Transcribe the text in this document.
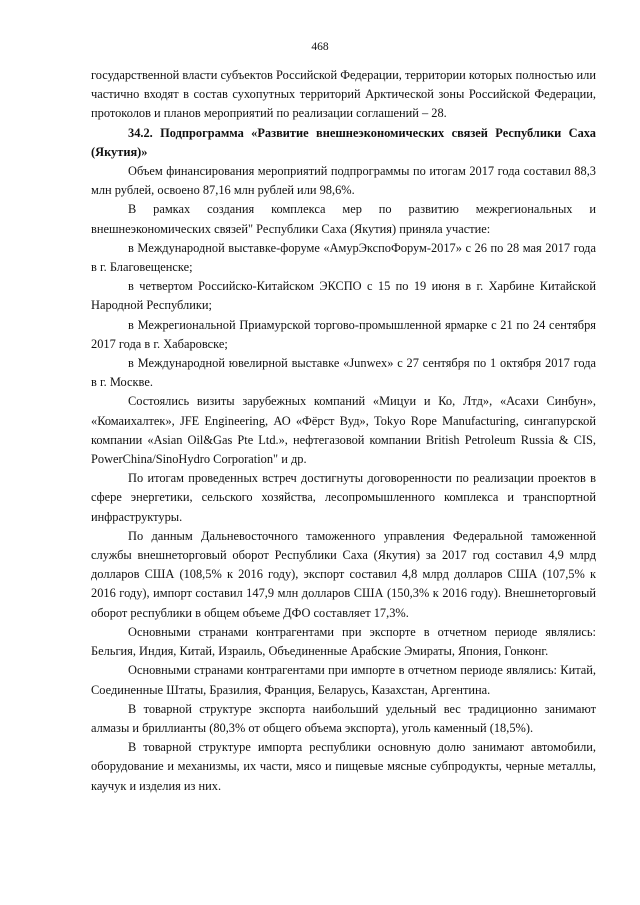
468

государственной власти субъектов Российской Федерации, территории которых полностью или частично входят в состав сухопутных территорий Арктической зоны Российской Федерации, протоколов и планов мероприятий по реализации соглашений – 28.

34.2. Подпрограмма «Развитие внешнеэкономических связей Республики Саха (Якутия)»

Объем финансирования мероприятий подпрограммы по итогам 2017 года составил 88,3 млн рублей, освоено 87,16 млн рублей или 98,6%.

В рамках создания комплекса мер по развитию межрегиональных и внешнеэкономических связей" Республики Саха (Якутия) приняла участие:

в Международной выставке-форуме «АмурЭкспоФорум-2017» с 26 по 28 мая 2017 года в г. Благовещенске;

в четвертом Российско-Китайском ЭКСПО с 15 по 19 июня в г. Харбине Китайской Народной Республики;

в Межрегиональной Приамурской торгово-промышленной ярмарке с 21 по 24 сентября 2017 года в г. Хабаровске;

в Международной ювелирной выставке «Junwex» с 27 сентября по 1 октября 2017 года в г. Москве.

Состоялись визиты зарубежных компаний «Мицуи и Ко, Лтд», «Асахи Синбун», «Комаихалтек», JFE Engineering, АО «Фёрст Вуд», Tokyo Rope Manufacturing, сингапурской компании «Asian Oil&Gas Pte Ltd.», нефтегазовой компании British Petroleum Russia & CIS, PowerChina/SinoHydro Corporation" и др.

По итогам проведенных встреч достигнуты договоренности по реализации проектов в сфере энергетики, сельского хозяйства, лесопромышленного комплекса и транспортной инфраструктуры.

По данным Дальневосточного таможенного управления Федеральной таможенной службы внешнеторговый оборот Республики Саха (Якутия) за 2017 год составил 4,9 млрд долларов США (108,5% к 2016 году), экспорт составил 4,8 млрд долларов США (107,5% к 2016 году), импорт составил 147,9 млн долларов США (150,3% к 2016 году). Внешнеторговый оборот республики в общем объеме ДФО составляет 17,3%.

Основными странами контрагентами при экспорте в отчетном периоде являлись: Бельгия, Индия, Китай, Израиль, Объединенные Арабские Эмираты, Япония, Гонконг.

Основными странами контрагентами при импорте в отчетном периоде являлись: Китай, Соединенные Штаты, Бразилия, Франция, Беларусь, Казахстан, Аргентина.

В товарной структуре экспорта наибольший удельный вес традиционно занимают алмазы и бриллианты (80,3% от общего объема экспорта), уголь каменный (18,5%).

В товарной структуре импорта республики основную долю занимают автомобили, оборудование и механизмы, их части, мясо и пищевые мясные субпродукты, черные металлы, каучук и изделия из них.
